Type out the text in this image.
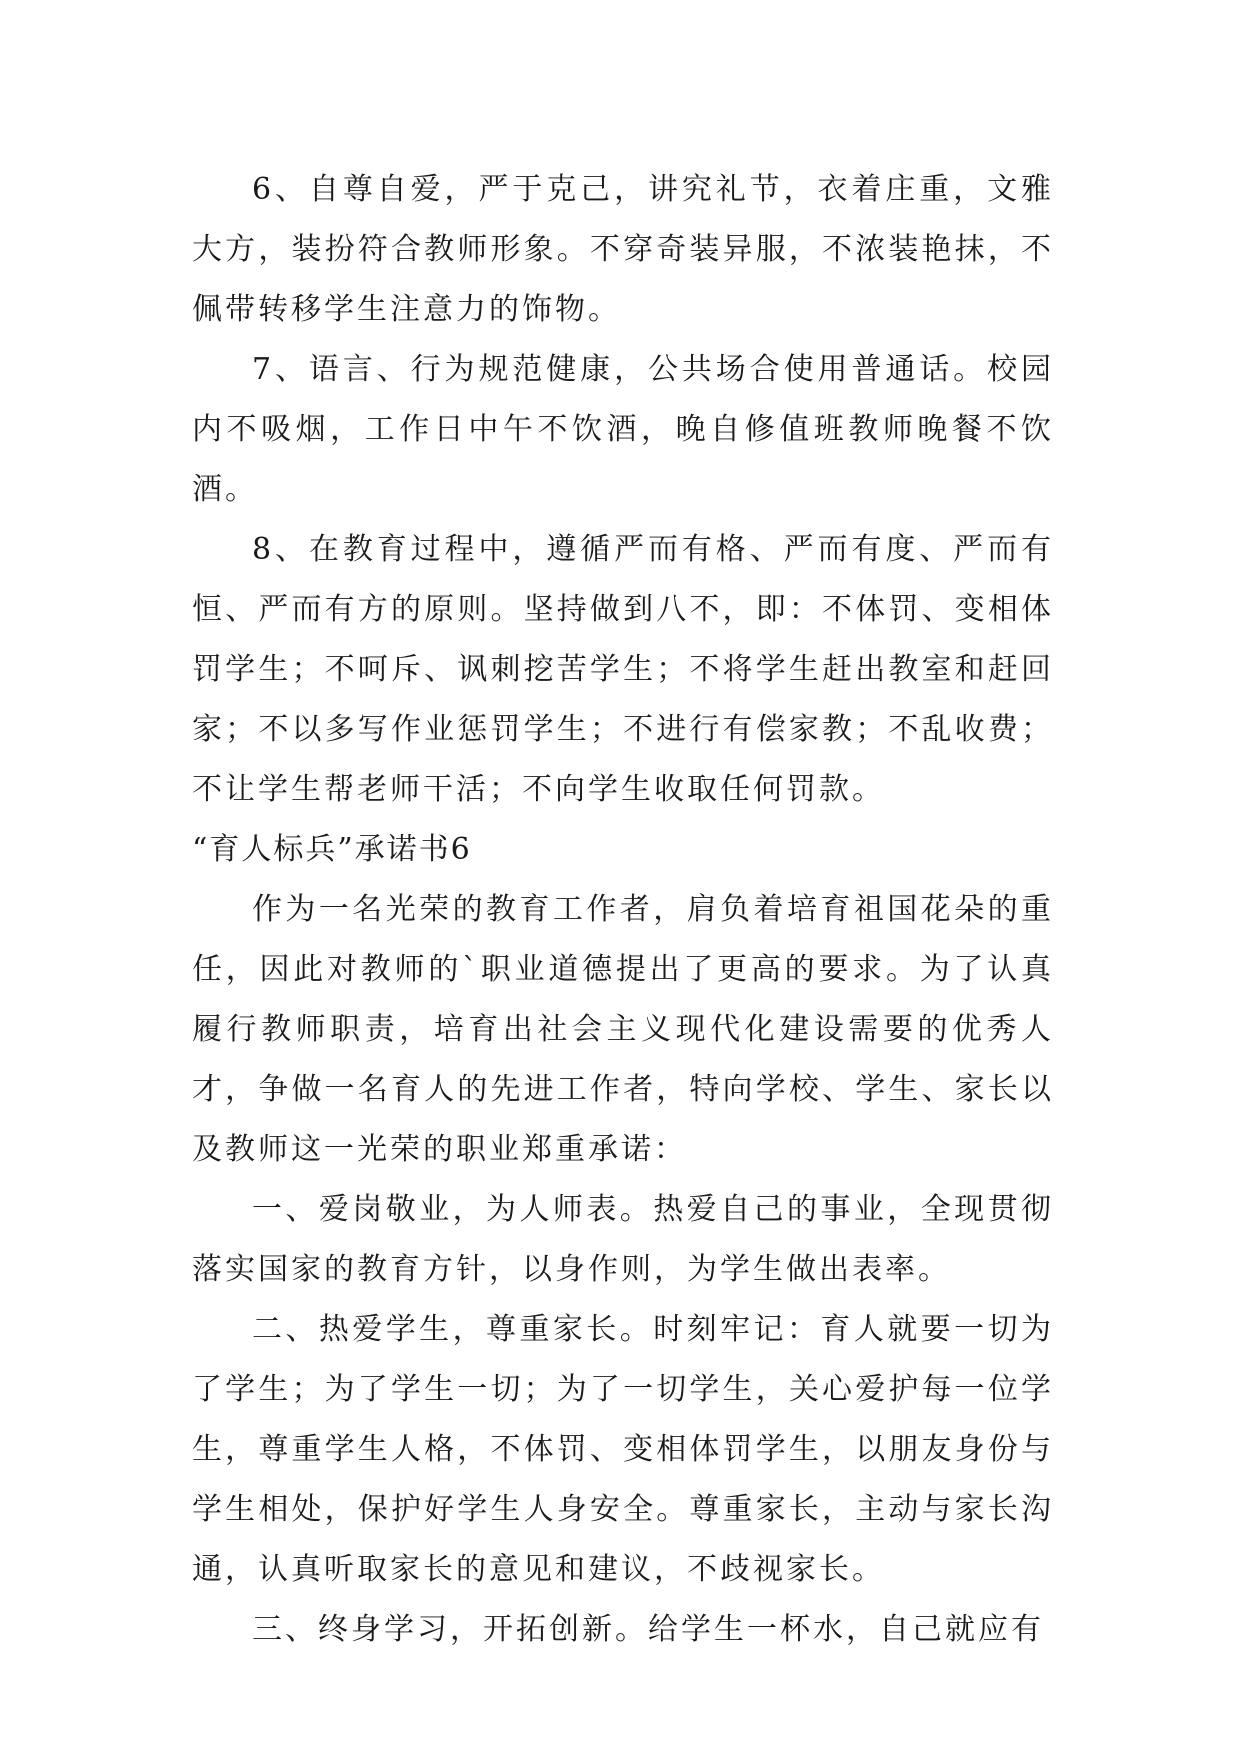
6、自尊自爱，严于克己，讲究礼节，衣着庄重，文雅大方，装扮符合教师形象。不穿奇装异服，不浓装艳抹，不佩带转移学生注意力的饰物。

7、语言、行为规范健康，公共场合使用普通话。校园内不吸烟，工作日中午不饮酒，晚自修值班教师晚餐不饮酒。

8、在教育过程中，遵循严而有格、严而有度、严而有恒、严而有方的原则。坚持做到八不，即：不体罚、变相体罚学生；不呵斥、讽刺挖苦学生；不将学生赶出教室和赶回家；不以多写作业惩罚学生；不进行有偿家教；不乱收费；不让学生帮老师干活；不向学生收取任何罚款。

“育人标兵”承诺书6

作为一名光荣的教育工作者，肩负着培育祖国花朵的重任，因此对教师的`职业道德提出了更高的要求。为了认真履行教师职责，培育出社会主义现代化建设需要的优秀人才，争做一名育人的先进工作者，特向学校、学生、家长以及教师这一光荣的职业郑重承诺：

一、爱岗敬业，为人师表。热爱自己的事业，全现贯彻落实国家的教育方针，以身作则，为学生做出表率。

二、热爱学生，尊重家长。时刻牢记：育人就要一切为了学生；为了学生一切；为了一切学生，关心爱护每一位学生，尊重学生人格，不体罚、变相体罚学生，以朋友身份与学生相处，保护好学生人身安全。尊重家长，主动与家长沟通，认真听取家长的意见和建议，不歧视家长。

三、终身学习，开拓创新。给学生一杯水，自己就应有
